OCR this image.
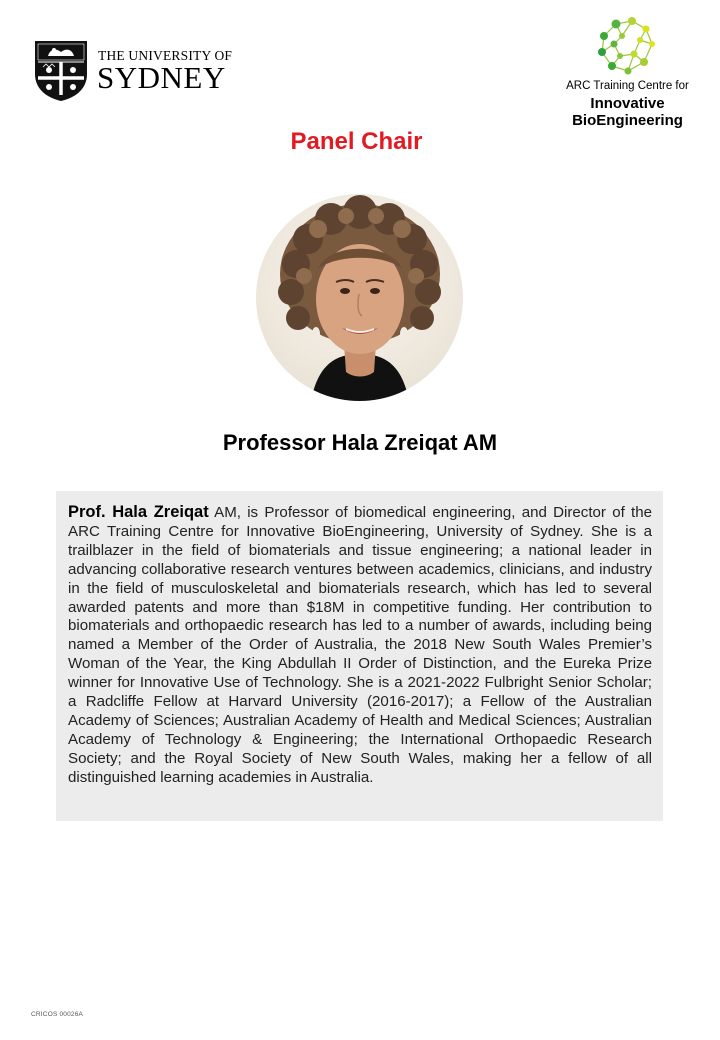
THE UNIVERSITY OF
SYDNEY	ARC Training Centre for
Innovative
BioEngineering
Panel Chair
Professor Hala Zreiqat AM
Prof. Hala Zreiqat AM, is Professor of biomedical engineering, and Director of the ARC Training Centre for Innovative BioEngineering, University of Sydney. She is a trailblazer in the field of biomaterials and tissue engineering; a national leader in advancing collaborative research ventures between academics, clinicians, and industry in the field of musculoskeletal and biomaterials research, which has led to several awarded patents and more than $18M in competitive funding. Her contribution to biomaterials and orthopaedic research has led to a number of awards, including being named a Member of the Order of Australia, the 2018 New South Wales Premier’s Woman of the Year, the King Abdullah II Order of Distinction, and the Eureka Prize winner for Innovative Use of Technology. She is a 2021-2022 Fulbright Senior Scholar; a Radcliffe Fellow at Harvard University (2016-2017); a Fellow of the Australian Academy of Sciences; Australian Academy of Health and Medical Sciences; Australian Academy of Technology & Engineering; the International Orthopaedic Research Society; and the Royal Society of New South Wales, making her a fellow of all distinguished learning academies in Australia.
CRICOS 00026A
